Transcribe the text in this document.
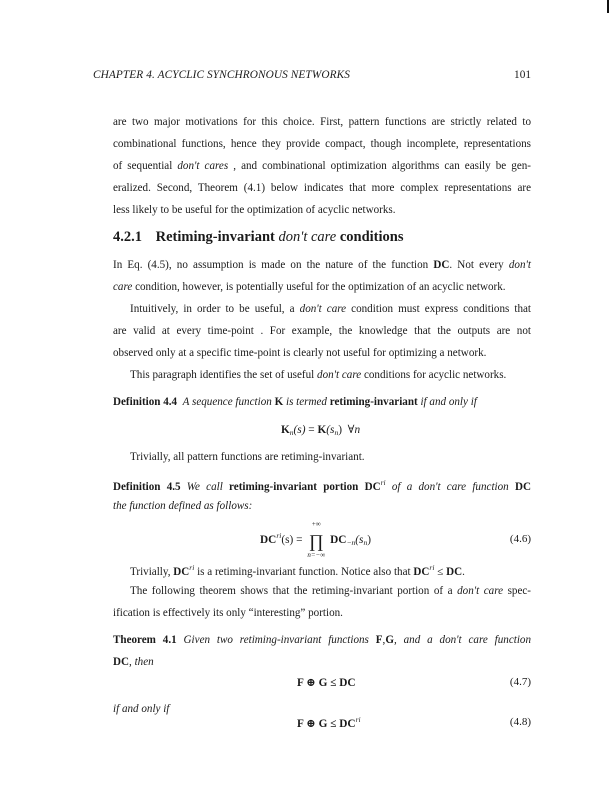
CHAPTER 4. ACYCLIC SYNCHRONOUS NETWORKS	101
are two major motivations for this choice. First, pattern functions are strictly related to
combinational functions, hence they provide compact, though incomplete, representations
of sequential don't cares , and combinational optimization algorithms can easily be gen-
eralized. Second, Theorem (4.1) below indicates that more complex representations are
less likely to be useful for the optimization of acyclic networks.
4.2.1 Retiming-invariant don't care conditions
In Eq. (4.5), no assumption is made on the nature of the function DC. Not every don't
care condition, however, is potentially useful for the optimization of an acyclic network.
Intuitively, in order to be useful, a don't care condition must express conditions that
are valid at every time-point . For example, the knowledge that the outputs are not
observed only at a specific time-point is clearly not useful for optimizing a network.
This paragraph identifies the set of useful don't care conditions for acyclic networks.
Definition 4.4 A sequence function K is termed retiming-invariant if and only if
$K_n(s) = K(s_n)$ ∀n
Trivially, all pattern functions are retiming-invariant.
Definition 4.5 We call retiming-invariant portion $DC^{ri}$ of a don't care function DC
the function defined as follows:
$DC^{ri}(s)$ =
+∞
∏
n=−∞
$DC_{-n}(s_n)$	(4.6)
Trivially, $DC^{ri}$ is a retiming-invariant function. Notice also that $DC^{ri}$ ≤ DC.
The following theorem shows that the retiming-invariant portion of a don't care spec-
ification is effectively its only “interesting” portion.
Theorem 4.1 Given two retiming-invariant functions F,G, and a don't care function
DC, then
F ⊕ G ≤ DC	(4.7)
if and only if
F ⊕ $G \le DC^{ri}$	(4.8)
